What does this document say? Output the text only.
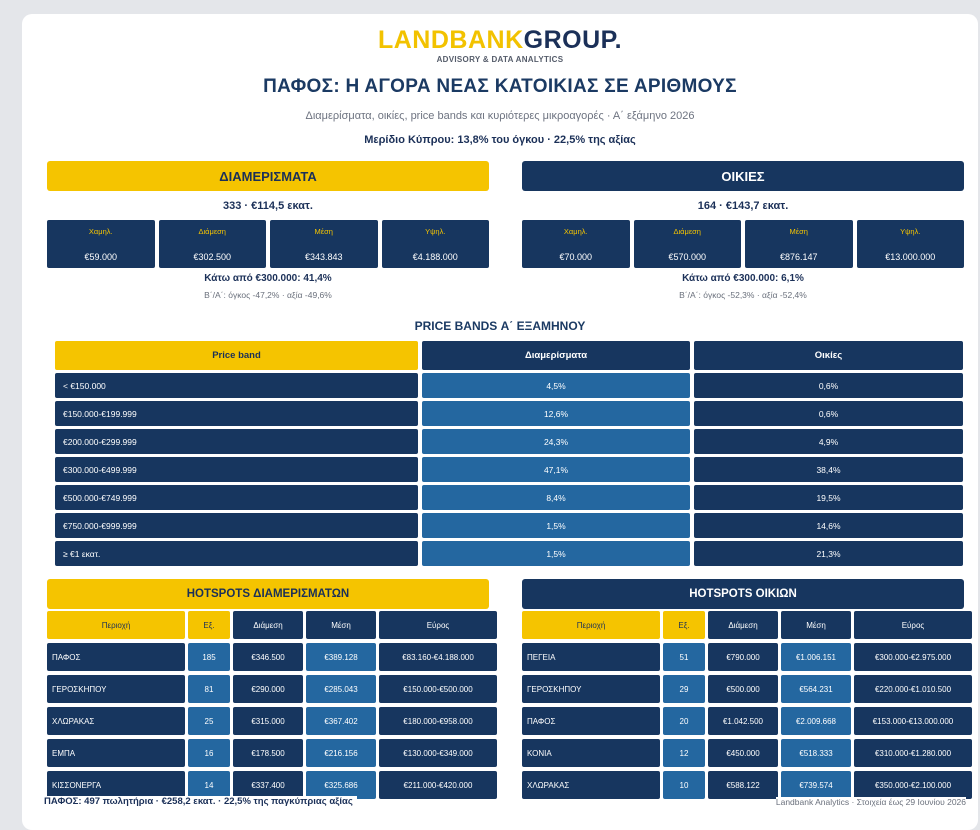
LANDBANKGROUP.
ADVISORY & DATA ANALYTICS
ΠΑΦΟΣ: Η ΑΓΟΡΑ ΝΕΑΣ ΚΑΤΟΙΚΙΑΣ ΣΕ ΑΡΙΘΜΟΥΣ
Διαμερίσματα, οικίες, price bands και κυριότερες μικροαγορές · Α΄ εξάμηνο 2026
Μερίδιο Κύπρου: 13,8% του όγκου · 22,5% της αξίας
ΔΙΑΜΕΡΙΣΜΑΤΑ
333 · €114,5 εκατ.
Χαμηλ.
€59.000
Διάμεση
€302.500
Μέση
€343.843
Υψηλ.
€4.188.000
Κάτω από €300.000: 41,4%
Β΄/Α΄: όγκος -47,2% · αξία -49,6%
ΟΙΚΙΕΣ
164 · €143,7 εκατ.
Χαμηλ.
€70.000
Διάμεση
€570.000
Μέση
€876.147
Υψηλ.
€13.000.000
Κάτω από €300.000: 6,1%
Β΄/Α΄: όγκος -52,3% · αξία -52,4%
PRICE BANDS Α΄ ΕΞΑΜΗΝΟΥ
Price band	Διαμερίσματα	Οικίες
< €150.000	4,5%	0,6%
€150.000-€199.999	12,6%	0,6%
€200.000-€299.999	24,3%	4,9%
€300.000-€499.999	47,1%	38,4%
€500.000-€749.999	8,4%	19,5%
€750.000-€999.999	1,5%	14,6%
≥ €1 εκατ.	1,5%	21,3%
HOTSPOTS ΔΙΑΜΕΡΙΣΜΑΤΩΝ
Περιοχή	Εξ.	Διάμεση	Μέση	Εύρος
ΠΑΦΟΣ	185	€346.500	€389.128	€83.160-€4.188.000
ΓΕΡΟΣΚΗΠΟΥ	81	€290.000	€285.043	€150.000-€500.000
ΧΛΩΡΑΚΑΣ	25	€315.000	€367.402	€180.000-€958.000
ΕΜΠΑ	16	€178.500	€216.156	€130.000-€349.000
ΚΙΣΣΟΝΕΡΓΑ	14	€337.400	€325.686	€211.000-€420.000
HOTSPOTS ΟΙΚΙΩΝ
Περιοχή	Εξ.	Διάμεση	Μέση	Εύρος
ΠΕΓΕΙΑ	51	€790.000	€1.006.151	€300.000-€2.975.000
ΓΕΡΟΣΚΗΠΟΥ	29	€500.000	€564.231	€220.000-€1.010.500
ΠΑΦΟΣ	20	€1.042.500	€2.009.668	€153.000-€13.000.000
ΚΟΝΙΑ	12	€450.000	€518.333	€310.000-€1.280.000
ΧΛΩΡΑΚΑΣ	10	€588.122	€739.574	€350.000-€2.100.000
ΠΑΦΟΣ: 497 πωλητήρια · €258,2 εκατ. · 22,5% της παγκύπριας αξίας	Landbank Analytics · Στοιχεία έως 29 Ιουνίου 2026
